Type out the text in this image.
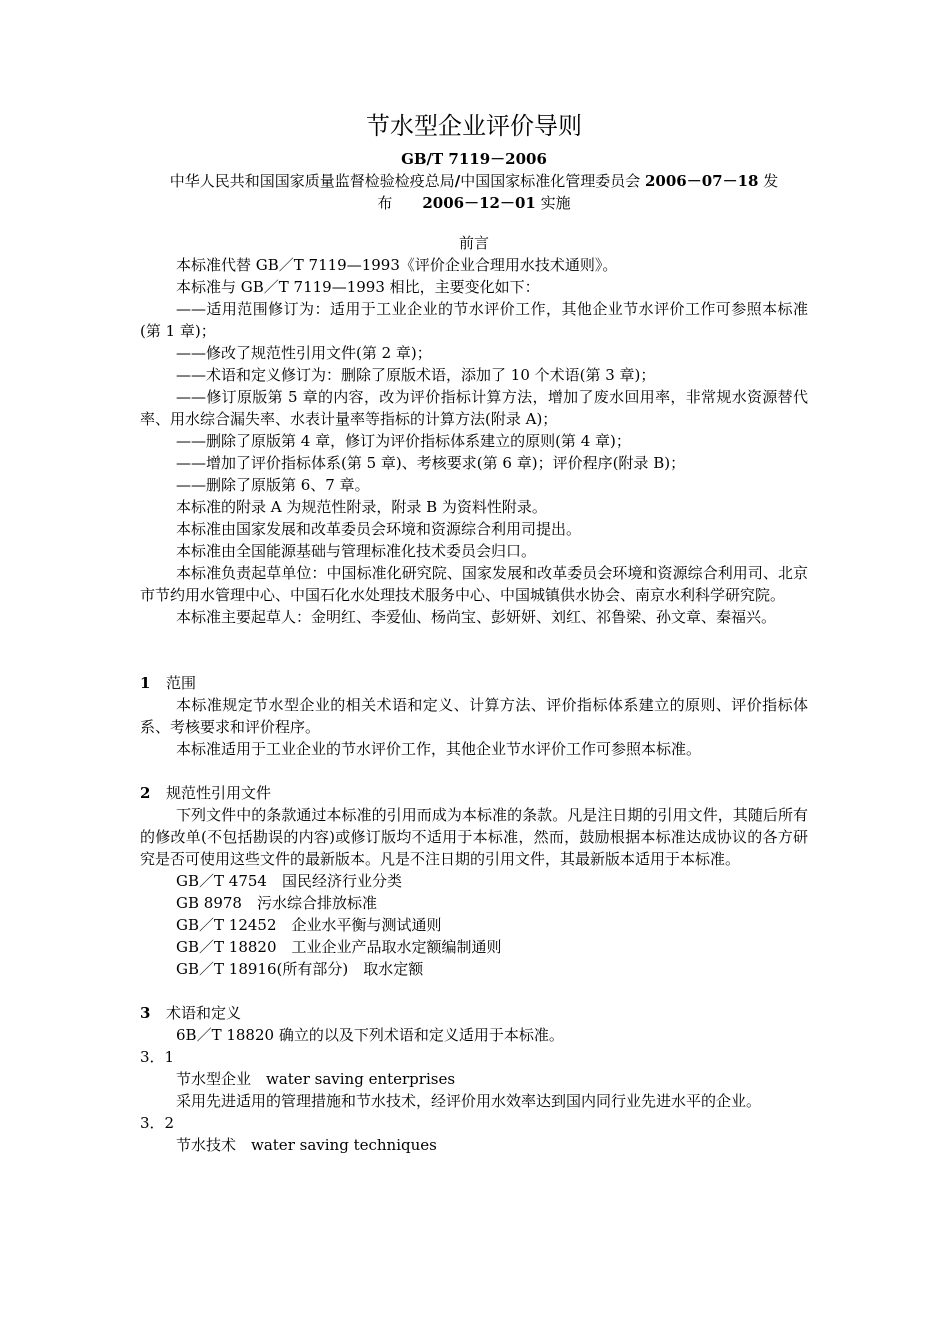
节水型企业评价导则
GB/T 7119－2006
中华人民共和国国家质量监督检验检疫总局/中国国家标准化管理委员会 2006－07－18 发
布　　2006－12－01 实施

前言

本标准代替 GB／T 7119—1993《评价企业合理用水技术通则》。

本标准与 GB／T 7119—1993 相比，主要变化如下：

——适用范围修订为：适用于工业企业的节水评价工作，其他企业节水评价工作可参照本标准(第 1 章)；

——修改了规范性引用文件(第 2 章)；

——术语和定义修订为：删除了原版术语，添加了 10 个术语(第 3 章)；

——修订原版第 5 章的内容，改为评价指标计算方法，增加了废水回用率，非常规水资源替代率、用水综合漏失率、水表计量率等指标的计算方法(附录 A)；

——删除了原版第 4 章，修订为评价指标体系建立的原则(第 4 章)；

——增加了评价指标体系(第 5 章)、考核要求(第 6 章)；评价程序(附录 B)；

——删除了原版第 6、7 章。

本标准的附录 A 为规范性附录，附录 B 为资料性附录。

本标准由国家发展和改革委员会环境和资源综合利用司提出。

本标准由全国能源基础与管理标准化技术委员会归口。

本标准负责起草单位：中国标准化研究院、国家发展和改革委员会环境和资源综合利用司、北京市节约用水管理中心、中国石化水处理技术服务中心、中国城镇供水协会、南京水利科学研究院。

本标准主要起草人：金明红、李爱仙、杨尚宝、彭妍妍、刘红、祁鲁梁、孙文章、秦福兴。

1 范围

本标准规定节水型企业的相关术语和定义、计算方法、评价指标体系建立的原则、评价指标体系、考核要求和评价程序。

本标准适用于工业企业的节水评价工作，其他企业节水评价工作可参照本标准。

2 规范性引用文件

下列文件中的条款通过本标准的引用而成为本标准的条款。凡是注日期的引用文件，其随后所有的修改单(不包括勘误的内容)或修订版均不适用于本标准，然而，鼓励根据本标准达成协议的各方研究是否可使用这些文件的最新版本。凡是不注日期的引用文件，其最新版本适用于本标准。

GB／T 4754　国民经济行业分类

GB 8978　污水综合排放标准

GB／T 12452　企业水平衡与测试通则

GB／T 18820　工业企业产品取水定额编制通则

GB／T 18916(所有部分)　取水定额

3 术语和定义

6B／T 18820 确立的以及下列术语和定义适用于本标准。

3．1

节水型企业　water saving enterprises

采用先进适用的管理措施和节水技术，经评价用水效率达到国内同行业先进水平的企业。

3．2

节水技术　water saving techniques
